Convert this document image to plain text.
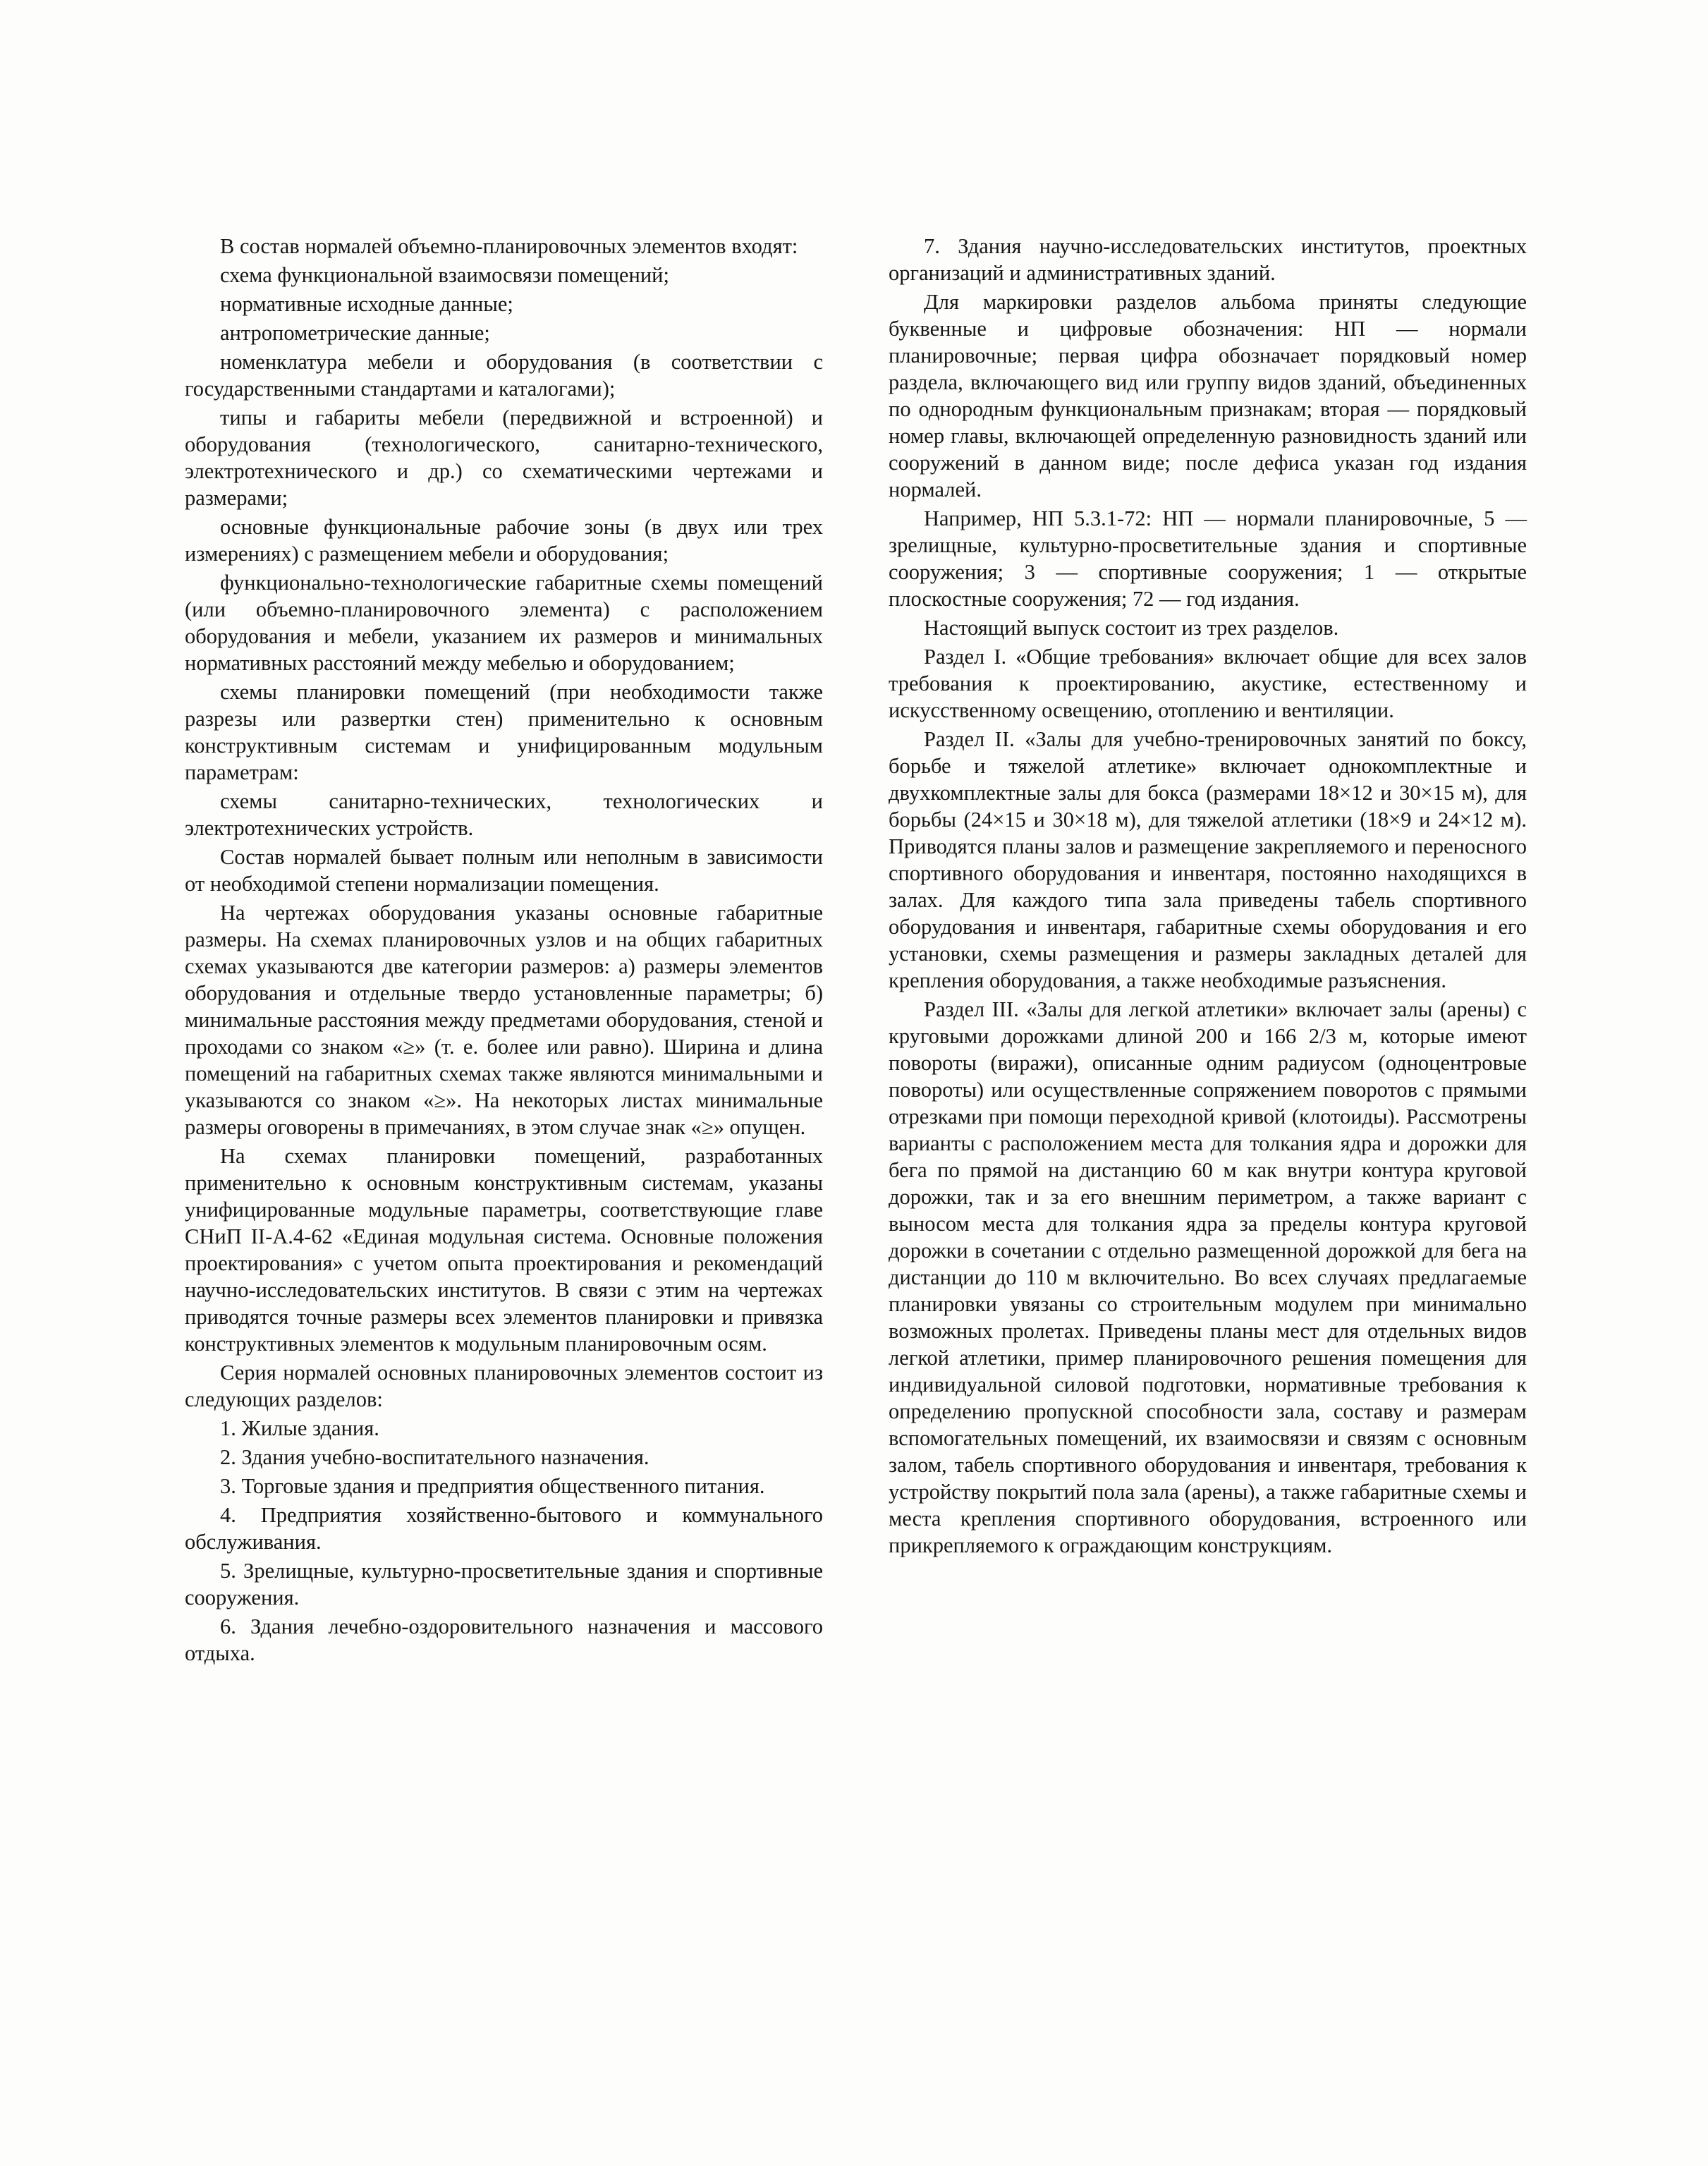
В состав нормалей объемно-планировочных элементов входят:

схема функциональной взаимосвязи помещений;

нормативные исходные данные;

антропометрические данные;

номенклатура мебели и оборудования (в соответствии с государственными стандартами и каталогами);

типы и габариты мебели (передвижной и встроенной) и оборудования (технологического, санитарно-технического, электротехнического и др.) со схематическими чертежами и размерами;

основные функциональные рабочие зоны (в двух или трех измерениях) с размещением мебели и оборудования;

функционально-технологические габаритные схемы помещений (или объемно-планировочного элемента) с расположением оборудования и мебели, указанием их размеров и минимальных нормативных расстояний между мебелью и оборудованием;

схемы планировки помещений (при необходимости также разрезы или развертки стен) применительно к основным конструктивным системам и унифицированным модульным параметрам:

схемы санитарно-технических, технологических и электротехнических устройств.

Состав нормалей бывает полным или неполным в зависимости от необходимой степени нормализации помещения.

На чертежах оборудования указаны основные габаритные размеры. На схемах планировочных узлов и на общих габаритных схемах указываются две категории размеров: а) размеры элементов оборудования и отдельные твердо установленные параметры; б) минимальные расстояния между предметами оборудования, стеной и проходами со знаком «≥» (т. е. более или равно). Ширина и длина помещений на габаритных схемах также являются минимальными и указываются со знаком «≥». На некоторых листах минимальные размеры оговорены в примечаниях, в этом случае знак «≥» опущен.

На схемах планировки помещений, разработанных применительно к основным конструктивным системам, указаны унифицированные модульные параметры, соответствующие главе СНиП II-А.4-62 «Единая модульная система. Основные положения проектирования» с учетом опыта проектирования и рекомендаций научно-исследовательских институтов. В связи с этим на чертежах приводятся точные размеры всех элементов планировки и привязка конструктивных элементов к модульным планировочным осям.

Серия нормалей основных планировочных элементов состоит из следующих разделов:

1. Жилые здания.

2. Здания учебно-воспитательного назначения.

3. Торговые здания и предприятия общественного питания.

4. Предприятия хозяйственно-бытового и коммунального обслуживания.

5. Зрелищные, культурно-просветительные здания и спортивные сооружения.

6. Здания лечебно-оздоровительного назначения и массового отдыха.

7. Здания научно-исследовательских институтов, проектных организаций и административных зданий.

Для маркировки разделов альбома приняты следующие буквенные и цифровые обозначения: НП — нормали планировочные; первая цифра обозначает порядковый номер раздела, включающего вид или группу видов зданий, объединенных по однородным функциональным признакам; вторая — порядковый номер главы, включающей определенную разновидность зданий или сооружений в данном виде; после дефиса указан год издания нормалей.

Например, НП 5.3.1-72: НП — нормали планировочные, 5 — зрелищные, культурно-просветительные здания и спортивные сооружения; 3 — спортивные сооружения; 1 — открытые плоскостные сооружения; 72 — год издания.

Настоящий выпуск состоит из трех разделов.

Раздел I. «Общие требования» включает общие для всех залов требования к проектированию, акустике, естественному и искусственному освещению, отоплению и вентиляции.

Раздел II. «Залы для учебно-тренировочных занятий по боксу, борьбе и тяжелой атлетике» включает однокомплектные и двухкомплектные залы для бокса (размерами 18×12 и 30×15 м), для борьбы (24×15 и 30×18 м), для тяжелой атлетики (18×9 и 24×12 м). Приводятся планы залов и размещение закрепляемого и переносного спортивного оборудования и инвентаря, постоянно находящихся в залах. Для каждого типа зала приведены табель спортивного оборудования и инвентаря, габаритные схемы оборудования и его установки, схемы размещения и размеры закладных деталей для крепления оборудования, а также необходимые разъяснения.

Раздел III. «Залы для легкой атлетики» включает залы (арены) с круговыми дорожками длиной 200 и 166 2/3 м, которые имеют повороты (виражи), описанные одним радиусом (одноцентровые повороты) или осуществленные сопряжением поворотов с прямыми отрезками при помощи переходной кривой (клотоиды). Рассмотрены варианты с расположением места для толкания ядра и дорожки для бега по прямой на дистанцию 60 м как внутри контура круговой дорожки, так и за его внешним периметром, а также вариант с выносом места для толкания ядра за пределы контура круговой дорожки в сочетании с отдельно размещенной дорожкой для бега на дистанции до 110 м включительно. Во всех случаях предлагаемые планировки увязаны со строительным модулем при минимально возможных пролетах. Приведены планы мест для отдельных видов легкой атлетики, пример планировочного решения помещения для индивидуальной силовой подготовки, нормативные требования к определению пропускной способности зала, составу и размерам вспомогательных помещений, их взаимосвязи и связям с основным залом, табель спортивного оборудования и инвентаря, требования к устройству покрытий пола зала (арены), а также габаритные схемы и места крепления спортивного оборудования, встроенного или прикрепляемого к ограждающим конструкциям.
